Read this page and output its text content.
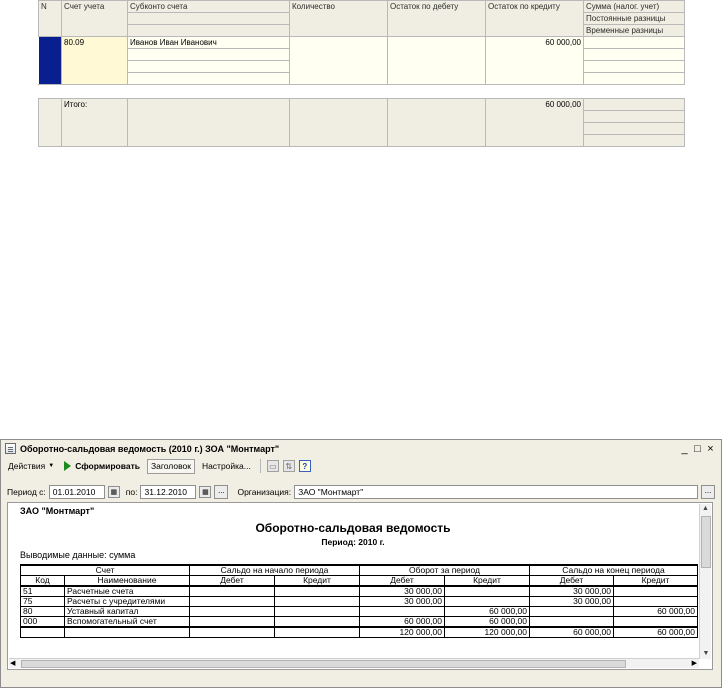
N	Счет учета	Субконто счета	Количество	Остаток по дебету	Остаток по кредиту	Сумма (налог. учет)
						Постоянные разницы
						Временные разницы
1	80.09	Иванов Иван Иванович			60 000,00	

	Итого:				60 000,00	

Оборотно-сальдовая ведомость (2010 г.) ЗОА "Монтмарт"	_ □ ×
Действия ▼ Сформировать	Заголовок	Настройка...	▭	⇅	?
Период с: 01.01.2010	▦	по: 31.12.2010	▦	...	Организация: ЗАО "Монтмарт"	...
ЗАО "Монтмарт"
Оборотно-сальдовая ведомость
Период: 2010 г.
Выводимые данные: сумма
Счет		Сальдо на начало периода		Оборот за период		Сальдо на конец периода	
Код	Наименование	Дебет	Кредит	Дебет	Кредит	Дебет	Кредит
51	Расчетные счета			30 000,00		30 000,00	
75	Расчеты с учредителями			30 000,00		30 000,00	
80	Уставный капитал				60 000,00		60 000,00
000	Вспомогательный счет			60 000,00	60 000,00		
				120 000,00	120 000,00	60 000,00	60 000,00
▲
▼
◀	▶
